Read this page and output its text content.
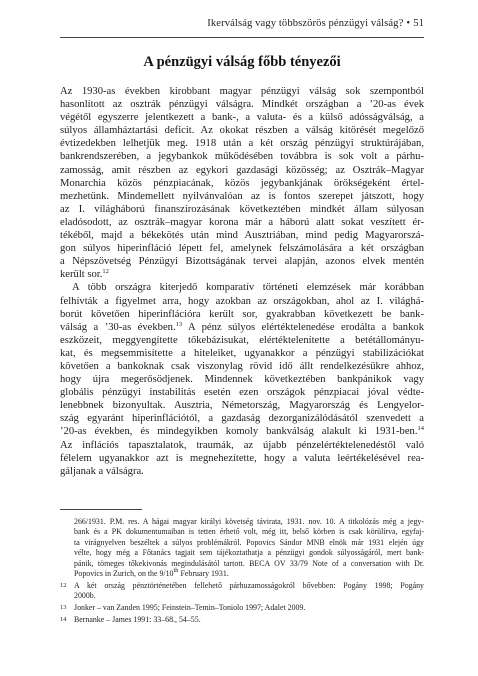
Ikerválság vagy többszörös pénzügyi válság? • 51
A pénzügyi válság főbb tényezői
Az 1930-as években kirobbant magyar pénzügyi válság sok szempontból
hasonlított az osztrák pénzügyi válságra. Mindkét országban a ’20-as évek
végétől egyszerre jelentkezett a bank-, a valuta- és a külső adósságválság, a
súlyos államháztartási deficit. Az okokat részben a válság kitörését megelőző
évtizedekben lelhetjük meg. 1918 után a két ország pénzügyi struktúrájában,
bankrendszerében, a jegybankok működésében továbbra is sok volt a párhu-
zamosság, amit részben az egykori gazdasági közösség; az Osztrák–Magyar
Monarchia közös pénzpiacának, közös jegybankjának örökségeként értel-
mezhetünk. Mindemellett nyilvánvalóan az is fontos szerepet játszott, hogy
az I. világháború finanszírozásának következtében mindkét állam súlyosan
eladósodott, az osztrák–magyar korona már a háború alatt sokat veszített ér-
tékéből, majd a békekötés után mind Ausztriában, mind pedig Magyarorszá-
gon súlyos hiperinfláció lépett fel, amelynek felszámolására a két országban
a Népszövetség Pénzügyi Bizottságának tervei alapján, azonos elvek mentén
került sor.$^{12}$
A több országra kiterjedő komparatív történeti elemzések már korábban
felhívták a figyelmet arra, hogy azokban az országokban, ahol az I. világhá-
borút követően hiperinflációra került sor, gyakrabban következett be bank-
válság a ’30-as években.$^{13}$ A pénz súlyos elértéktelenedése erodálta a bankok
eszközeit, meggyengítette tőkebázisukat, elértéktelenítette a betétállományu-
kat, és megsemmisítette a hiteleiket, ugyanakkor a pénzügyi stabilizációkat
követően a bankoknak csak viszonylag rövid idő állt rendelkezésükre ahhoz,
hogy újra megerősödjenek. Mindennek következtében bankpánikok vagy
globális pénzügyi instabilitás esetén ezen országok pénzpiacai jóval védte-
lenebbnek bizonyultak. Ausztria, Németország, Magyarország és Lengyelor-
szág egyaránt hiperinflációtól, a gazdaság dezorganizálódásától szenvedett a
’20-as években, és mindegyikben komoly bankválság alakult ki 1931-ben.$^{14}$
Az inflációs tapasztalatok, traumák, az újabb pénzelértéktelenedéstől való
félelem ugyanakkor azt is megnehezítette, hogy a valuta leértékelésével rea-
gáljanak a válságra.
266/1931. P.M. res. A hágai magyar királyi követség távirata, 1931. nov. 10. A titkolózás még a jegy-
bank és a PK dokumentumaiban is tetten érhető volt, még itt, belső körben is csak körülírva, egyfaj-
ta virágnyelven beszéltek a súlyos problémákról. Popovics Sándor MNB elnök már 1931 elején úgy
vélte, hogy még a Főtanács tagjait sem tájékoztathatja a pénzügyi gondok súlyosságáról, mert bank-
pánik, tömeges tőkekivonás megindulásától tartott. BECA OV 33/79 Note of a conversation with Dr.
Popovics in Zurich, on the 9/10th February 1931.
12 A két ország pénztörténetében fellehető párhuzamosságokról bővebben: Pogány 1998; Pogány
2000b.
13 Jonker – van Zanden 1995; Feinstein–Temin–Toniolo 1997; Adalet 2009.
14 Bernanke – James 1991: 33–68., 54–55.
